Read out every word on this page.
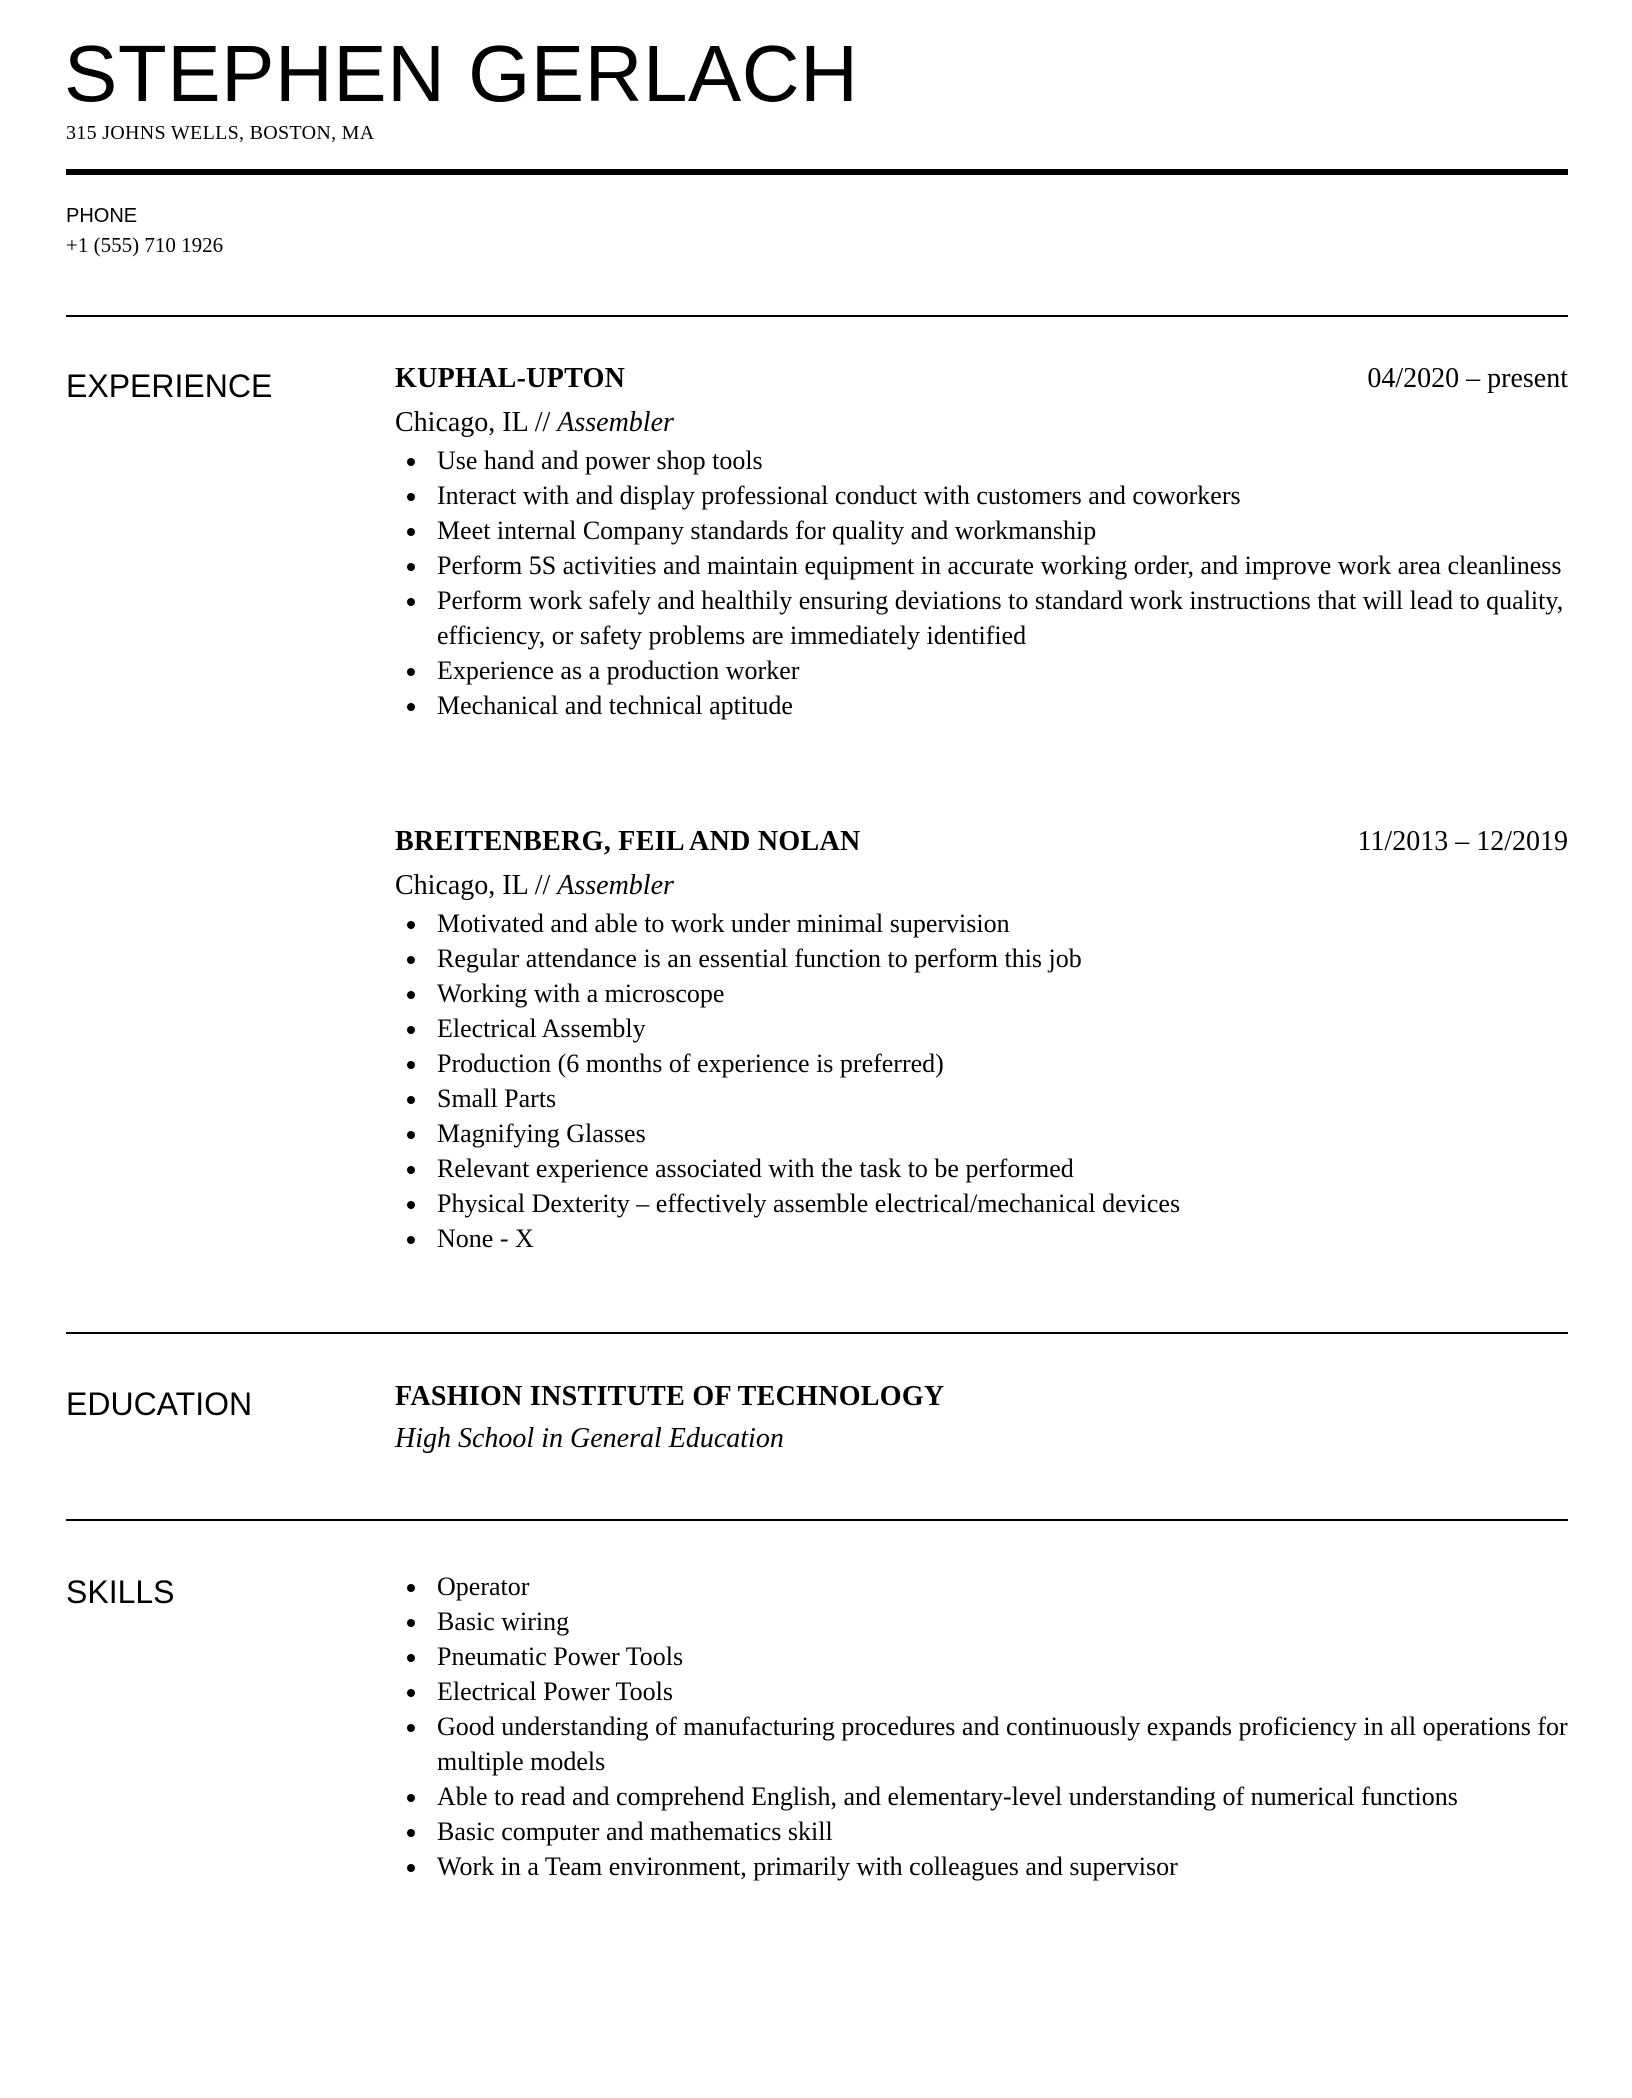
STEPHEN GERLACH
315 JOHNS WELLS, BOSTON, MA
PHONE
+1 (555) 710 1926
EXPERIENCE	KUPHAL-UPTON	04/2020 – present
Chicago, IL // Assembler
Use hand and power shop tools
Interact with and display professional conduct with customers and coworkers
Meet internal Company standards for quality and workmanship
Perform 5S activities and maintain equipment in accurate working order, and improve work area cleanliness
Perform work safely and healthily ensuring deviations to standard work instructions that will lead to quality, efficiency, or safety problems are immediately identified
Experience as a production worker
Mechanical and technical aptitude
BREITENBERG, FEIL AND NOLAN	11/2013 – 12/2019
Chicago, IL // Assembler
Motivated and able to work under minimal supervision
Regular attendance is an essential function to perform this job
Working with a microscope
Electrical Assembly
Production (6 months of experience is preferred)
Small Parts
Magnifying Glasses
Relevant experience associated with the task to be performed
Physical Dexterity – effectively assemble electrical/mechanical devices
None - X
EDUCATION	FASHION INSTITUTE OF TECHNOLOGY
High School in General Education
SKILLS	Operator
Basic wiring
Pneumatic Power Tools
Electrical Power Tools
Good understanding of manufacturing procedures and continuously expands proficiency in all operations for multiple models
Able to read and comprehend English, and elementary-level understanding of numerical functions
Basic computer and mathematics skill
Work in a Team environment, primarily with colleagues and supervisor
